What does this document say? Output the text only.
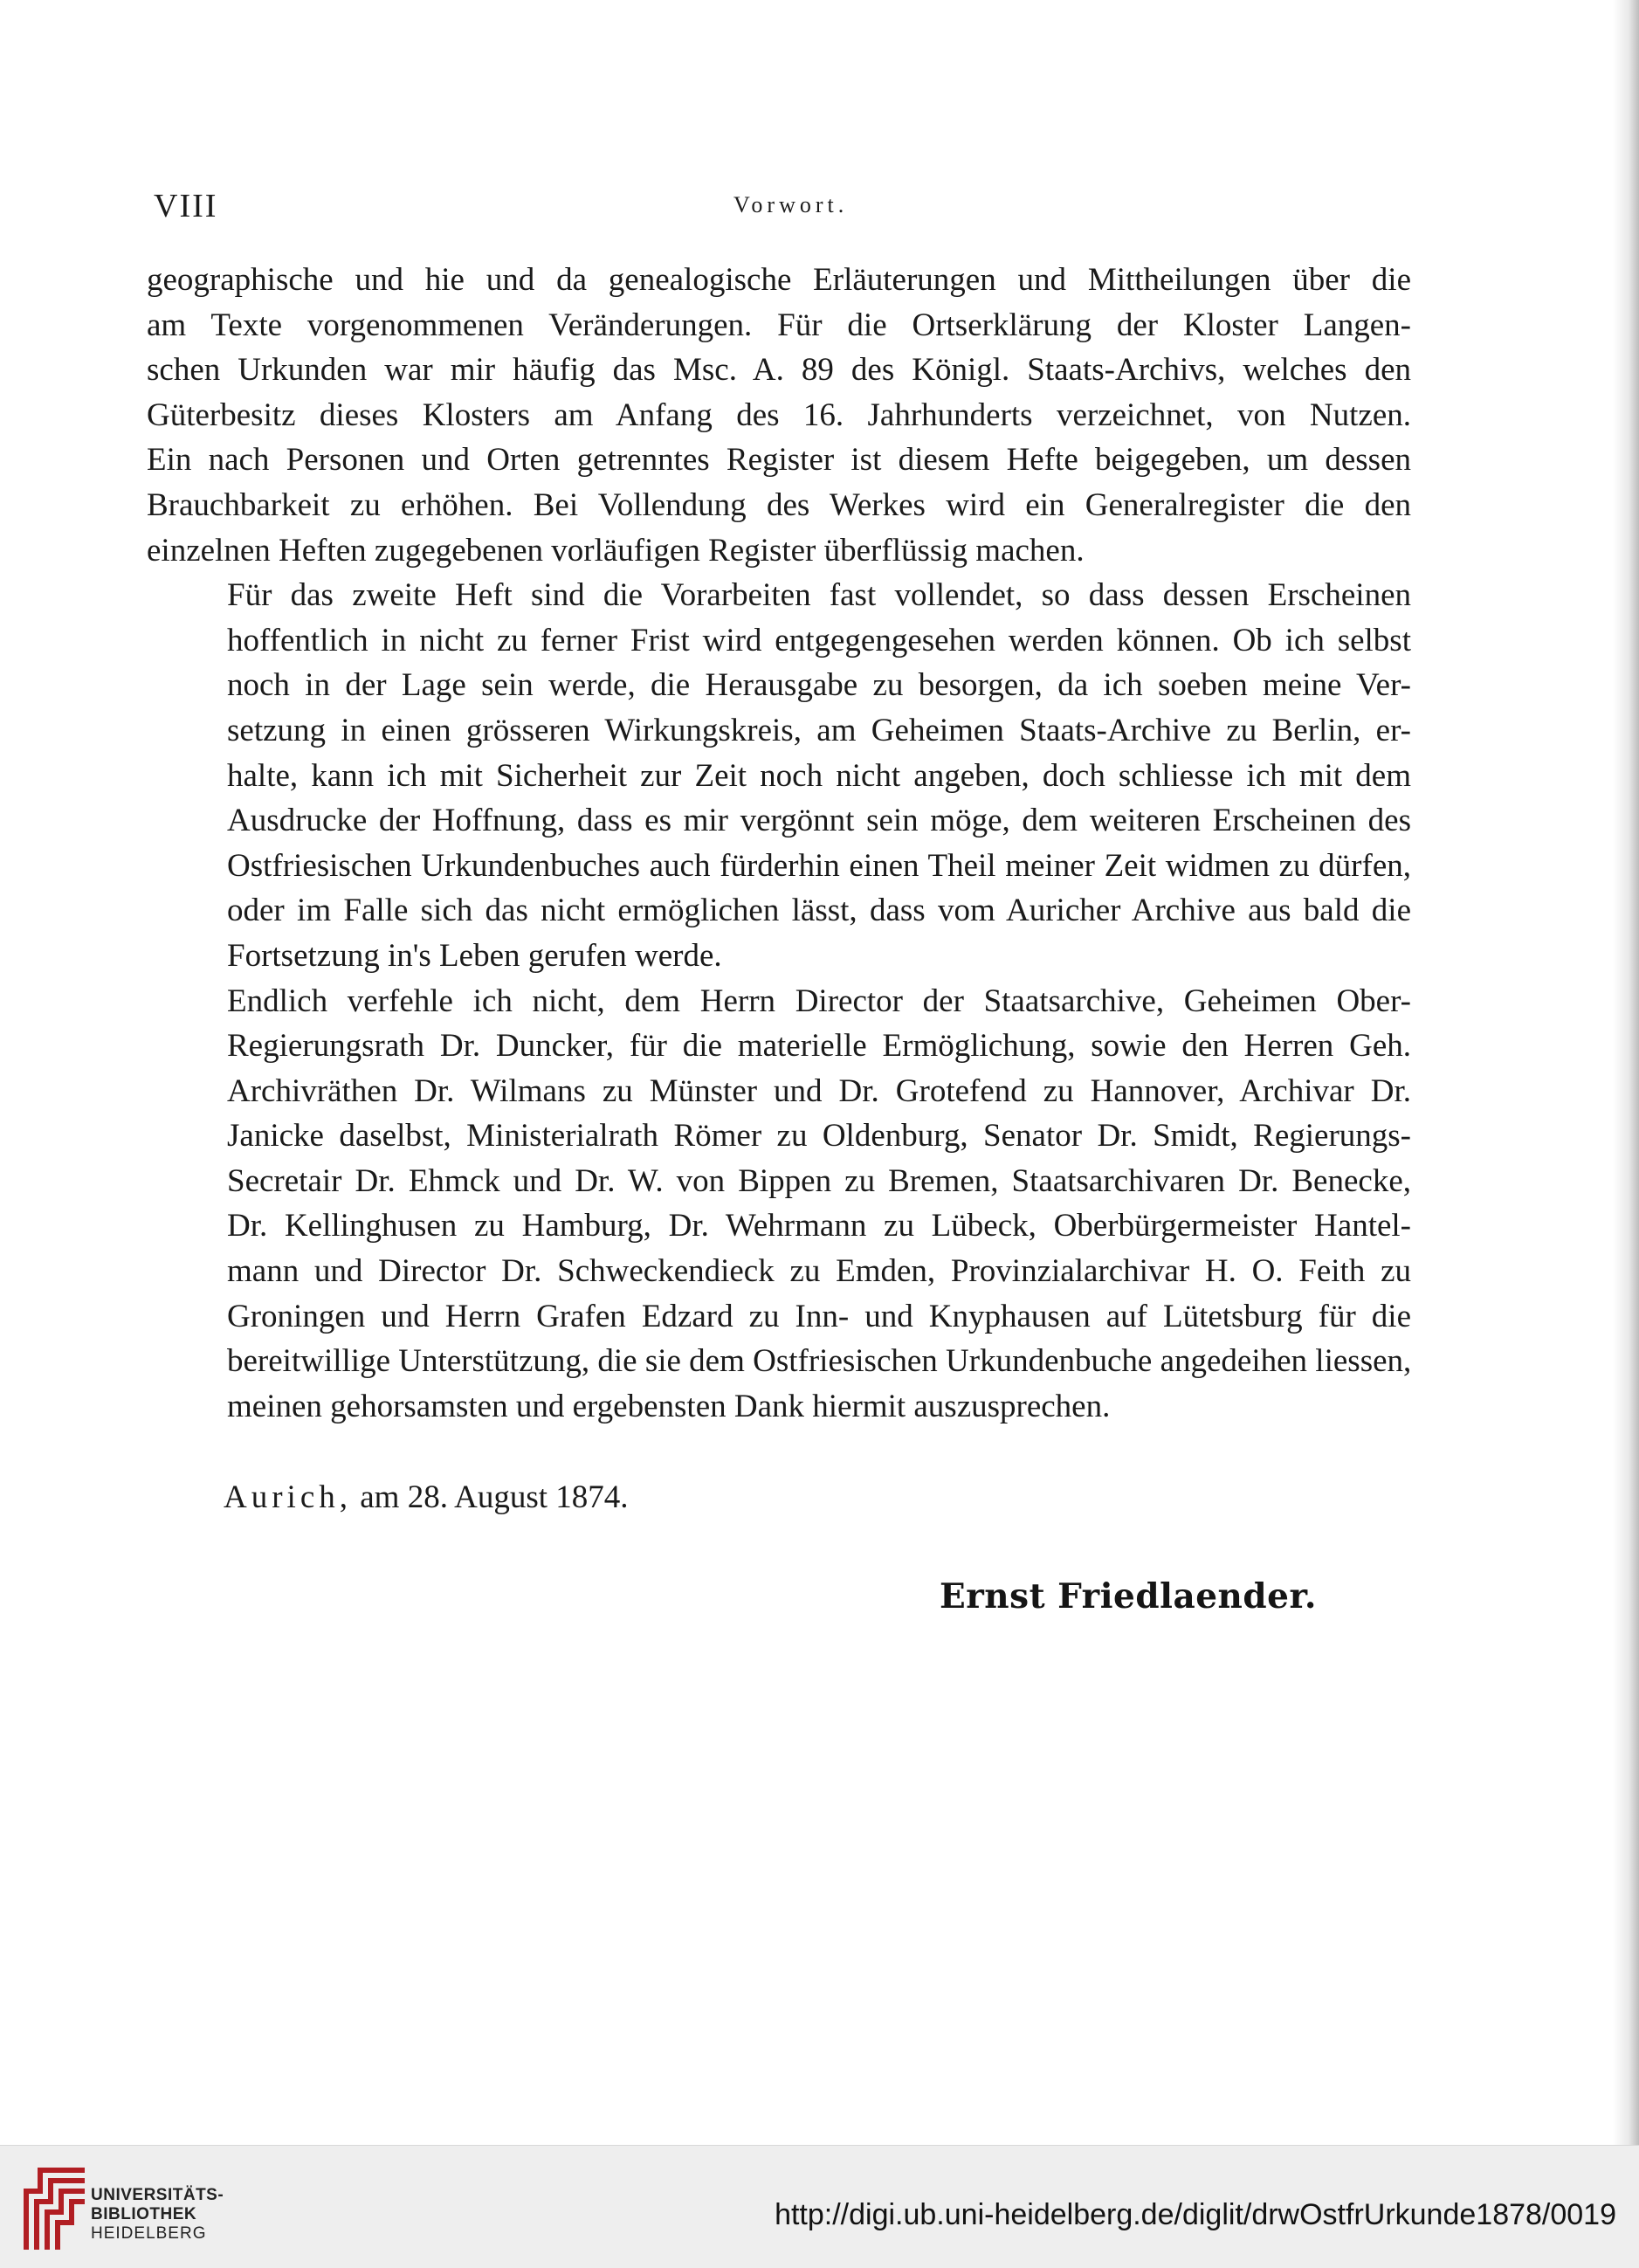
VIII	Vorwort.

geographische und hie und da genealogische Erläuterungen und Mittheilungen über die
am Texte vorgenommenen Veränderungen. Für die Ortserklärung der Kloster Langen-
schen Urkunden war mir häufig das Msc. A. 89 des Königl. Staats-Archivs, welches den
Güterbesitz dieses Klosters am Anfang des 16. Jahrhunderts verzeichnet, von Nutzen.
Ein nach Personen und Orten getrenntes Register ist diesem Hefte beigegeben, um dessen
Brauchbarkeit zu erhöhen. Bei Vollendung des Werkes wird ein Generalregister die den
einzelnen Heften zugegebenen vorläufigen Register überflüssig machen.

Für das zweite Heft sind die Vorarbeiten fast vollendet, so dass dessen Erscheinen
hoffentlich in nicht zu ferner Frist wird entgegengesehen werden können. Ob ich selbst
noch in der Lage sein werde, die Herausgabe zu besorgen, da ich soeben meine Ver-
setzung in einen grösseren Wirkungskreis, am Geheimen Staats-Archive zu Berlin, er-
halte, kann ich mit Sicherheit zur Zeit noch nicht angeben, doch schliesse ich mit dem
Ausdrucke der Hoffnung, dass es mir vergönnt sein möge, dem weiteren Erscheinen des
Ostfriesischen Urkundenbuches auch fürderhin einen Theil meiner Zeit widmen zu dürfen,
oder im Falle sich das nicht ermöglichen lässt, dass vom Auricher Archive aus bald die
Fortsetzung in's Leben gerufen werde.

Endlich verfehle ich nicht, dem Herrn Director der Staatsarchive, Geheimen Ober-
Regierungsrath Dr. Duncker, für die materielle Ermöglichung, sowie den Herren Geh.
Archivräthen Dr. Wilmans zu Münster und Dr. Grotefend zu Hannover, Archivar Dr.
Janicke daselbst, Ministerialrath Römer zu Oldenburg, Senator Dr. Smidt, Regierungs-
Secretair Dr. Ehmck und Dr. W. von Bippen zu Bremen, Staatsarchivaren Dr. Benecke,
Dr. Kellinghusen zu Hamburg, Dr. Wehrmann zu Lübeck, Oberbürgermeister Hantel-
mann und Director Dr. Schweckendieck zu Emden, Provinzialarchivar H. O. Feith zu
Groningen und Herrn Grafen Edzard zu Inn- und Knyphausen auf Lütetsburg für die
bereitwillige Unterstützung, die sie dem Ostfriesischen Urkundenbuche angedeihen liessen,
meinen gehorsamsten und ergebensten Dank hiermit auszusprechen.

Aurich, am 28. August 1874.
Ernst Friedlaender.
UNIVERSITÄTS-
BIBLIOTHEK
HEIDELBERG
http://digi.ub.uni-heidelberg.de/diglit/drwOstfrUrkunde1878/0019
